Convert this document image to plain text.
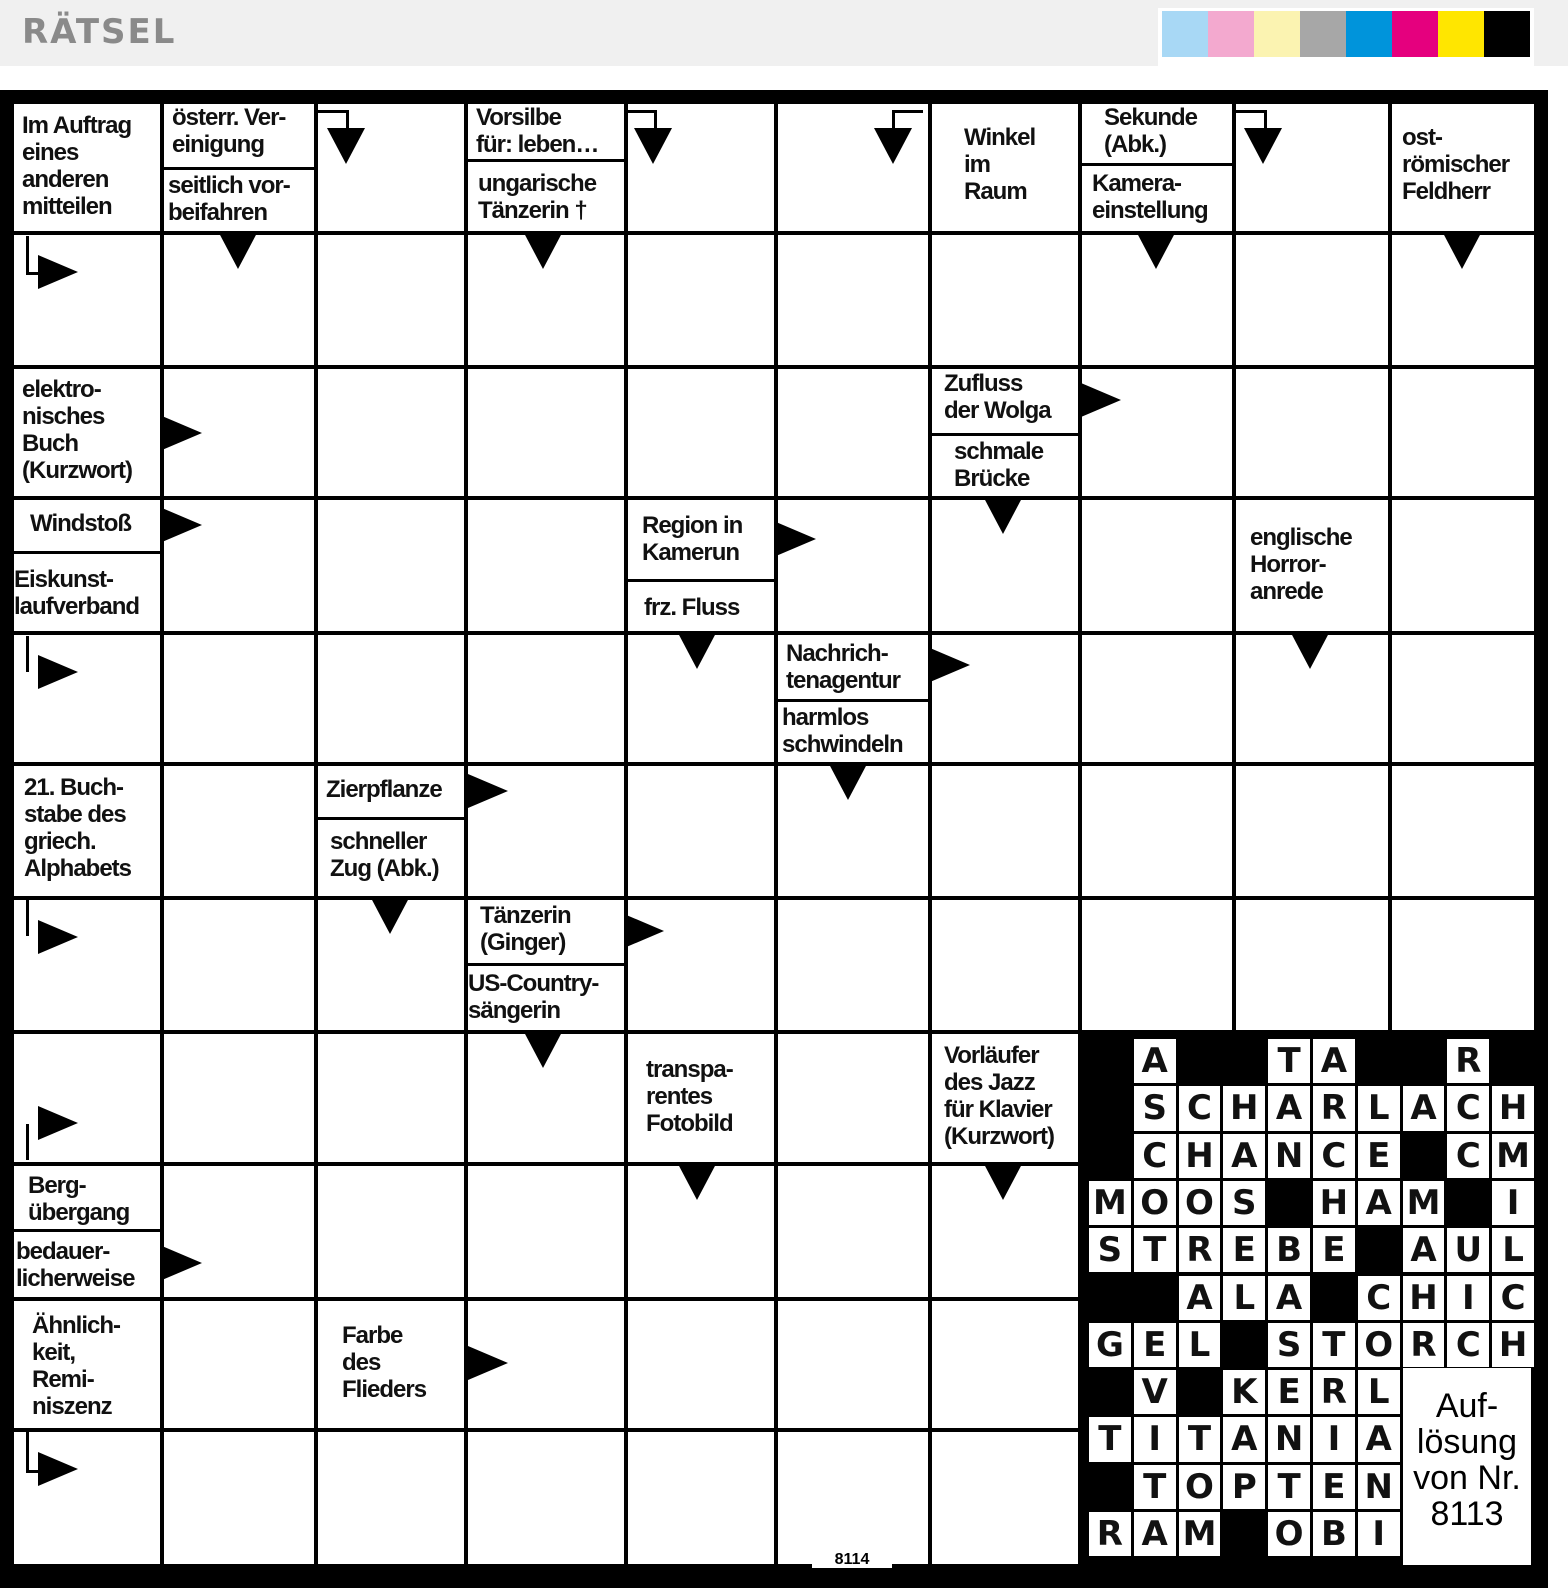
RÄTSEL
Im Auftrag
eines
anderen
mitteilen
österr. Ver-
einigung
seitlich vor-
beifahren
Vorsilbe
für: leben…
ungarische
Tänzerin †
Winkel
im
Raum
Sekunde
(Abk.)
Kamera-
einstellung
ost-
römischer
Feldherr
elektro-
nisches
Buch
(Kurzwort)
Zufluss
der Wolga
schmale
Brücke
Windstoß
Eiskunst-
laufverband
Region in
Kamerun
frz. Fluss
englische
Horror-
anrede
Nachrich-
tenagentur
harmlos
schwindeln
21. Buch-
stabe des
griech.
Alphabets
Zierpflanze
schneller
Zug (Abk.)
Tänzerin
(Ginger)
US-Country-
sängerin
transpa-
rentes
Fotobild
Vorläufer
des Jazz
für Klavier
(Kurzwort)
Berg-
übergang
bedauer-
licherweise
Ähnlich-
keit,
Remi-
niszenz
Farbe
des
Flieders
I
B
O
M
A
R
N
E
T
P
O
T
A
I
N
A
T
I
T
L
R
E
K
V
H
C
R
O
T
S
L
E
G
C
I
H
C
A
L
A
L
U
A
E
B
E
R
T
S
I
M
A
H
S
O
O
M
M
C
E
C
N
A
H
C
H
C
A
L
R
A
H
C
S
R
A
T
A
Auf-
lösung
von Nr.
8113
8114
